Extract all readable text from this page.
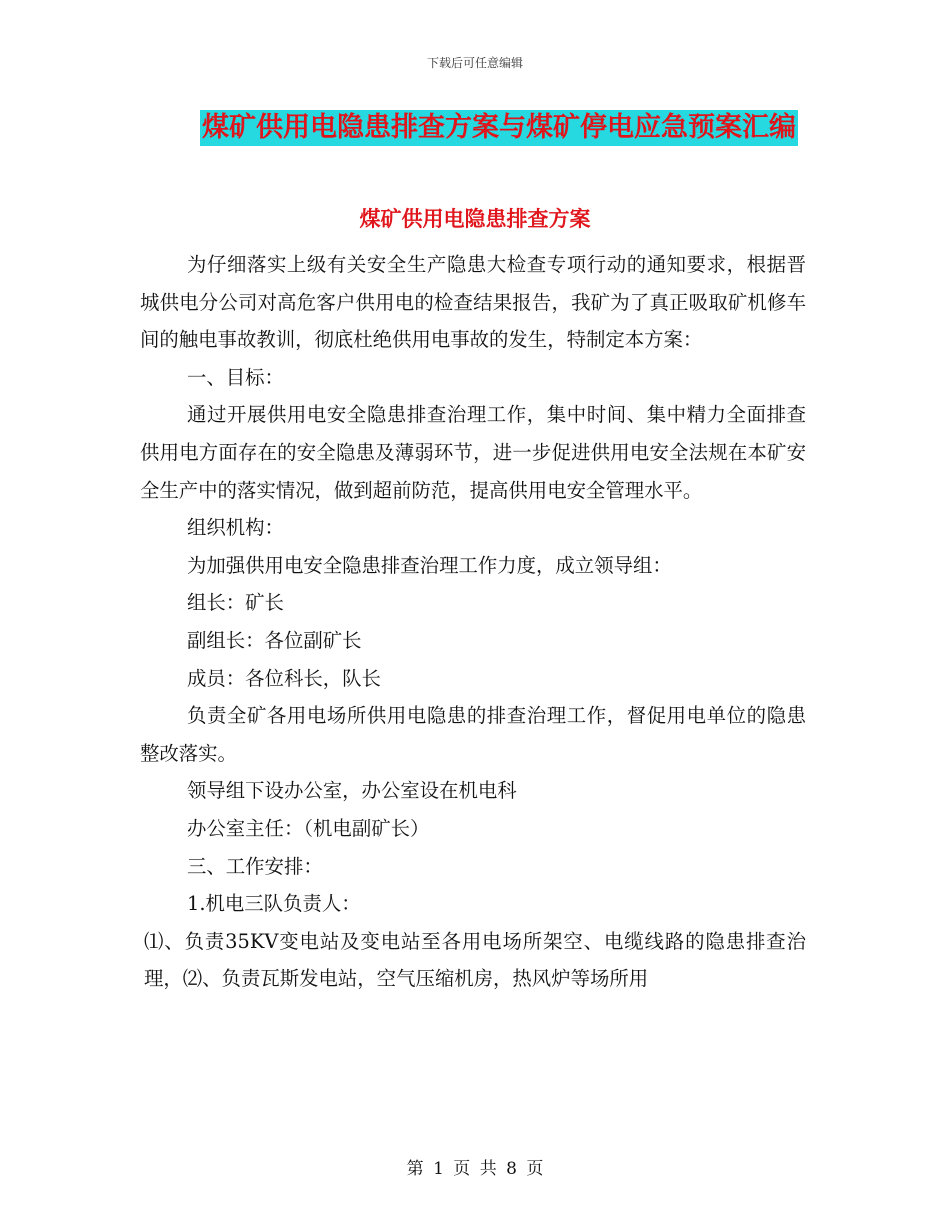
下载后可任意编辑
煤矿供用电隐患排查方案与煤矿停电应急预案汇编
煤矿供用电隐患排查方案

为仔细落实上级有关安全生产隐患大检查专项行动的通知要求，根据晋城供电分公司对高危客户供用电的检查结果报告，我矿为了真正吸取矿机修车间的触电事故教训，彻底杜绝供用电事故的发生，特制定本方案：

一、目标：

通过开展供用电安全隐患排查治理工作，集中时间、集中精力全面排查供用电方面存在的安全隐患及薄弱环节，进一步促进供用电安全法规在本矿安全生产中的落实情况，做到超前防范，提高供用电安全管理水平。

组织机构：

为加强供用电安全隐患排查治理工作力度，成立领导组：

组长：矿长

副组长：各位副矿长

成员：各位科长，队长

负责全矿各用电场所供用电隐患的排查治理工作，督促用电单位的隐患整改落实。

领导组下设办公室，办公室设在机电科

办公室主任：（机电副矿长）

三、工作安排：

1.机电三队负责人：

⑴、负责35KV变电站及变电站至各用电场所架空、电缆线路的隐患排查治理，⑵、负责瓦斯发电站，空气压缩机房，热风炉等场所用

第 1 页 共 8 页
